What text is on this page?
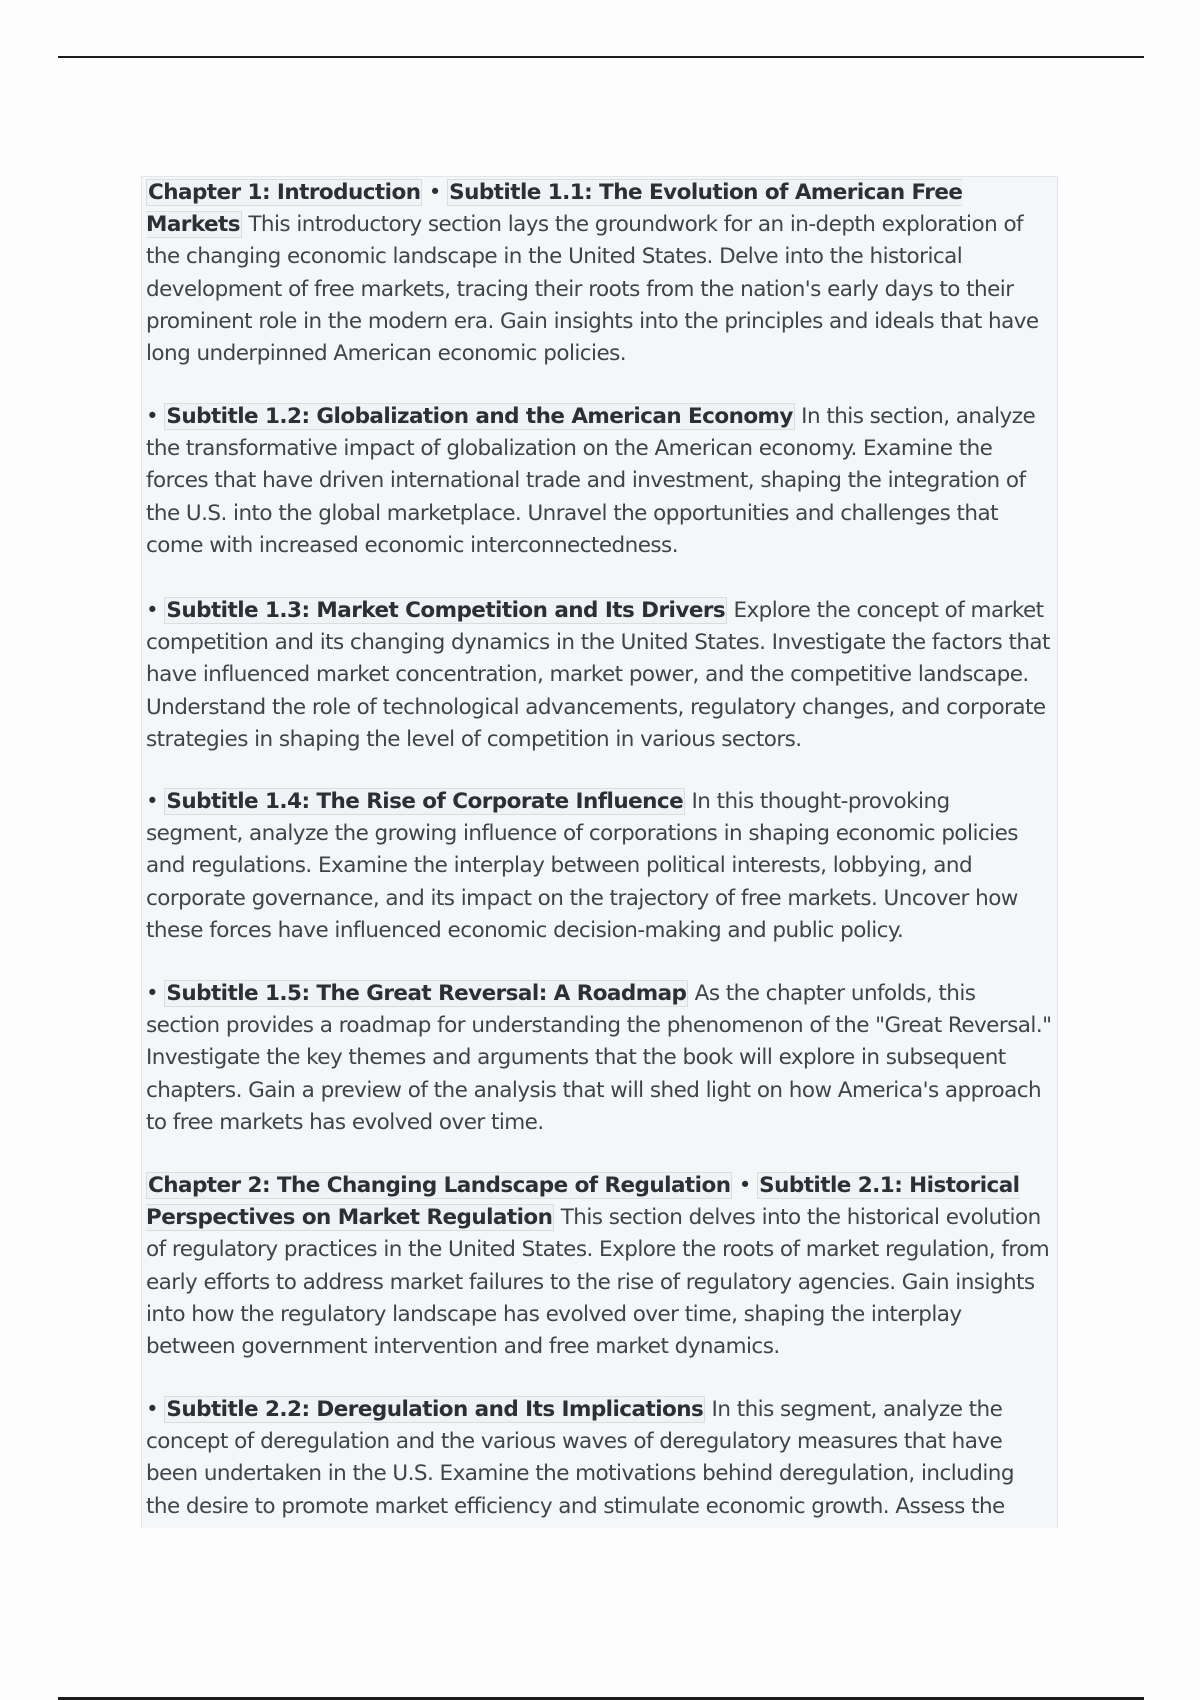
Chapter 1: Introduction • Subtitle 1.1: The Evolution of American Free Markets This introductory section lays the groundwork for an in-depth exploration of the changing economic landscape in the United States. Delve into the historical development of free markets, tracing their roots from the nation's early days to their prominent role in the modern era. Gain insights into the principles and ideals that have long underpinned American economic policies.

• Subtitle 1.2: Globalization and the American Economy In this section, analyze the transformative impact of globalization on the American economy. Examine the forces that have driven international trade and investment, shaping the integration of the U.S. into the global marketplace. Unravel the opportunities and challenges that come with increased economic interconnectedness.

• Subtitle 1.3: Market Competition and Its Drivers Explore the concept of market competition and its changing dynamics in the United States. Investigate the factors that have influenced market concentration, market power, and the competitive landscape. Understand the role of technological advancements, regulatory changes, and corporate strategies in shaping the level of competition in various sectors.

• Subtitle 1.4: The Rise of Corporate Influence In this thought-provoking segment, analyze the growing influence of corporations in shaping economic policies and regulations. Examine the interplay between political interests, lobbying, and corporate governance, and its impact on the trajectory of free markets. Uncover how these forces have influenced economic decision-making and public policy.

• Subtitle 1.5: The Great Reversal: A Roadmap As the chapter unfolds, this section provides a roadmap for understanding the phenomenon of the "Great Reversal." Investigate the key themes and arguments that the book will explore in subsequent chapters. Gain a preview of the analysis that will shed light on how America's approach to free markets has evolved over time.

Chapter 2: The Changing Landscape of Regulation • Subtitle 2.1: Historical Perspectives on Market Regulation This section delves into the historical evolution of regulatory practices in the United States. Explore the roots of market regulation, from early efforts to address market failures to the rise of regulatory agencies. Gain insights into how the regulatory landscape has evolved over time, shaping the interplay between government intervention and free market dynamics.

• Subtitle 2.2: Deregulation and Its Implications In this segment, analyze the concept of deregulation and the various waves of deregulatory measures that have been undertaken in the U.S. Examine the motivations behind deregulation, including the desire to promote market efficiency and stimulate economic growth. Assess the
